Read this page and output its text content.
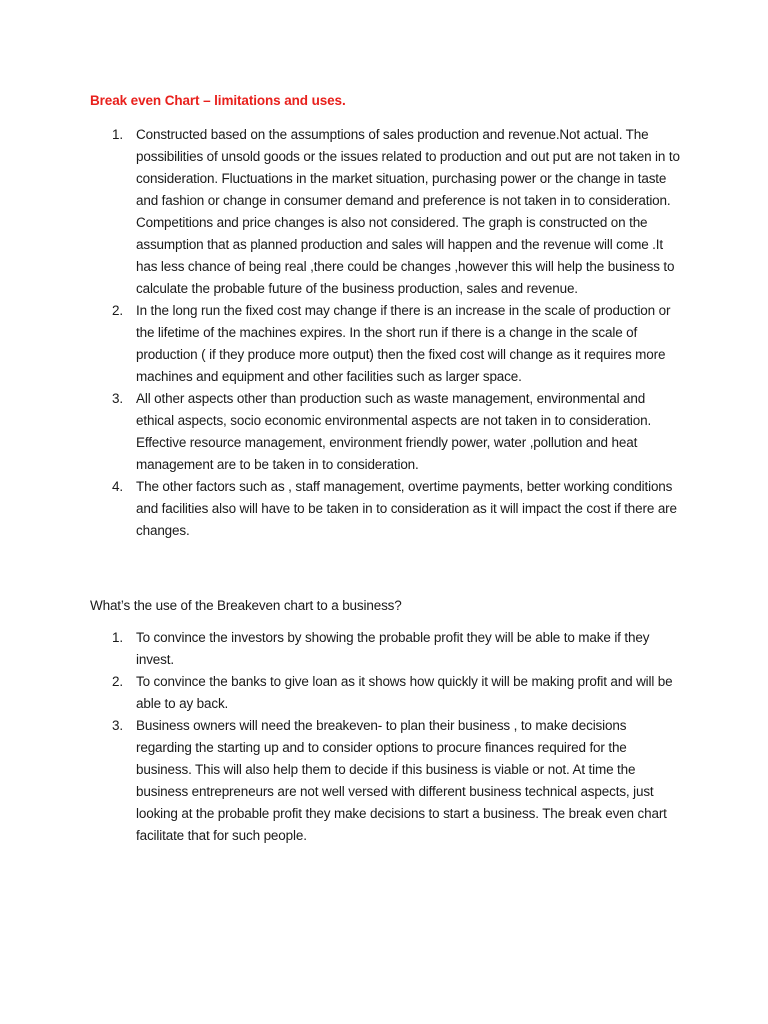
Break even Chart – limitations and uses.
1. Constructed based on the assumptions of sales production and revenue.Not actual. The possibilities of unsold goods or the issues related to production and out put are not taken in to consideration. Fluctuations in the market situation, purchasing power or the change in taste and fashion or change in consumer demand and preference is not taken in to consideration. Competitions and price changes is also not considered. The graph is constructed on the assumption that as planned production and sales will happen and the revenue will come .It has less chance of being real ,there could be changes ,however this will help the business to calculate the probable future of the business production, sales and revenue.
2. In the long run the fixed cost may change if there is an increase in the scale of production or the lifetime of the machines expires. In the short run if there is a change in the scale of production ( if they produce more output) then the fixed cost will change as it requires more machines and equipment and other facilities such as larger space.
3. All other aspects other than production such as waste management, environmental and ethical aspects, socio economic environmental aspects are not taken in to consideration. Effective resource management, environment friendly power, water ,pollution and heat management are to be taken in to consideration.
4. The other factors such as , staff management, overtime payments, better working conditions and facilities also will have to be taken in to consideration as it will impact the cost if there are changes.
What’s the use of the Breakeven chart to a business?
1. To convince the investors by showing the probable profit they will be able to make if they invest.
2. To convince the banks to give loan as it shows how quickly it will be making profit and will be able to ay back.
3. Business owners will need the breakeven- to plan their business , to make decisions regarding the starting up and to consider options to procure finances required for the business. This will also help them to decide if this business is viable or not. At time the business entrepreneurs are not well versed with different business technical aspects, just looking at the probable profit they make decisions to start a business. The break even chart facilitate that for such people.
